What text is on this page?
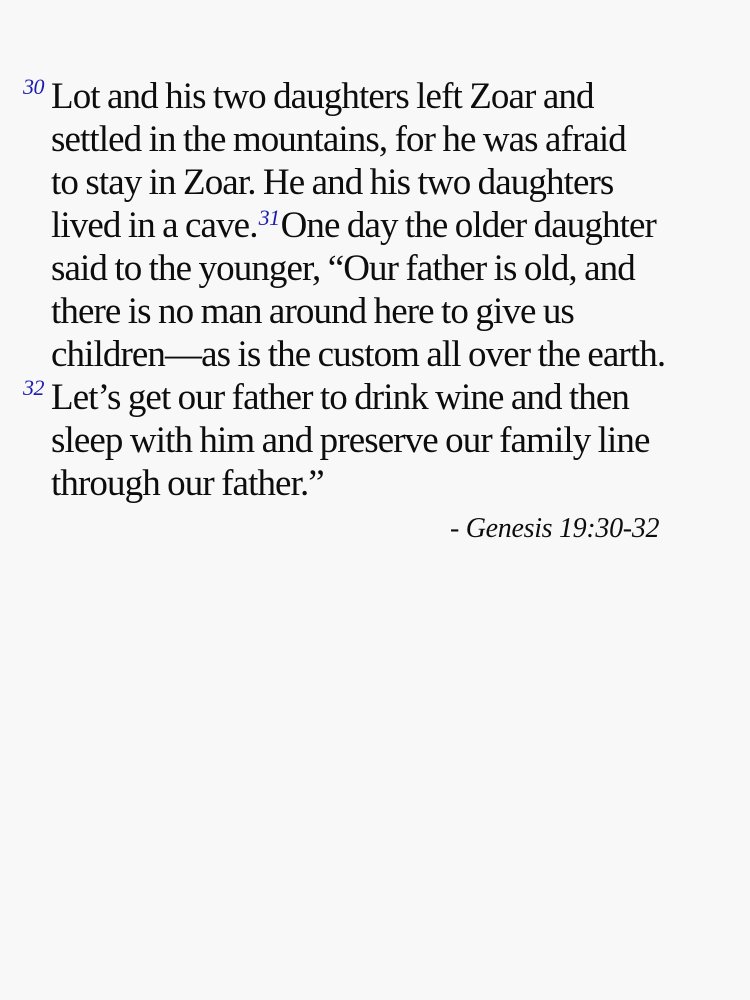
30 Lot and his two daughters left Zoar and
settled in the mountains, for he was afraid
to stay in Zoar. He and his two daughters
lived in a cave.$^{31}$One day the older daughter
said to the younger, “Our father is old, and
there is no man around here to give us
children—as is the custom all over the earth.
32 Let’s get our father to drink wine and then
sleep with him and preserve our family line
through our father.”
- Genesis 19:30-32
